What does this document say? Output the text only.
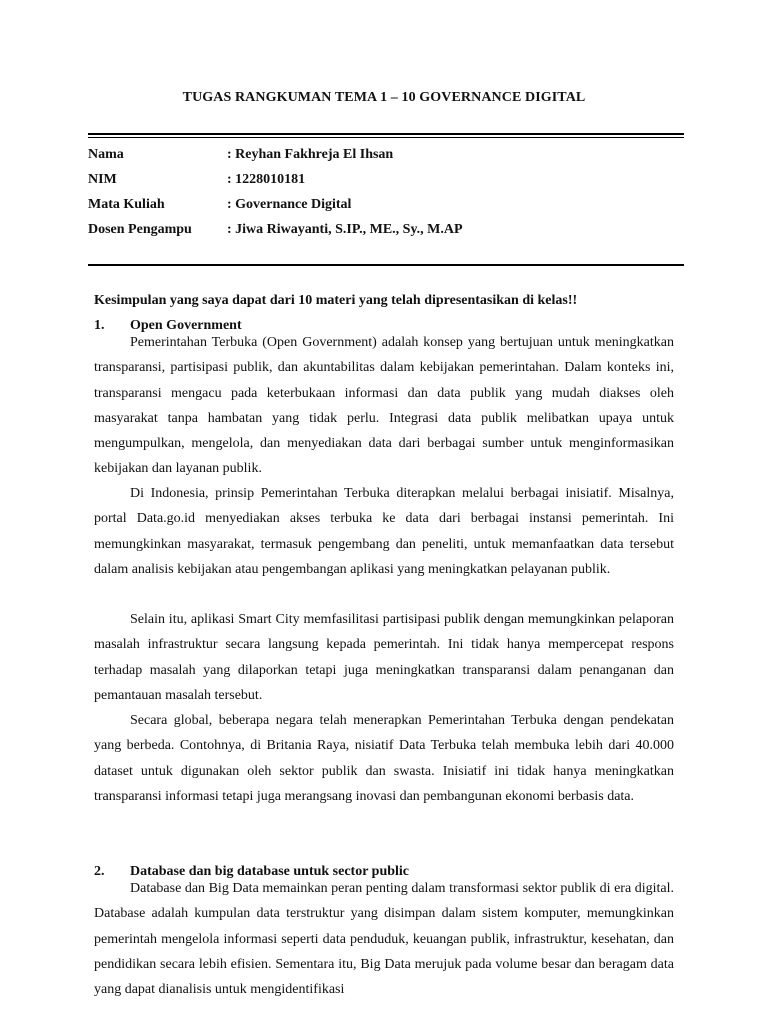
TUGAS RANGKUMAN TEMA 1 – 10 GOVERNANCE DIGITAL
Nama	: Reyhan Fakhreja El Ihsan
NIM	: 1228010181
Mata Kuliah	: Governance Digital
Dosen Pengampu	: Jiwa Riwayanti, S.IP., ME., Sy., M.AP
Kesimpulan yang saya dapat dari 10 materi yang telah dipresentasikan di kelas!!
1. Open Government

Pemerintahan Terbuka (Open Government) adalah konsep yang bertujuan untuk meningkatkan transparansi, partisipasi publik, dan akuntabilitas dalam kebijakan pemerintahan. Dalam konteks ini, transparansi mengacu pada keterbukaan informasi dan data publik yang mudah diakses oleh masyarakat tanpa hambatan yang tidak perlu. Integrasi data publik melibatkan upaya untuk mengumpulkan, mengelola, dan menyediakan data dari berbagai sumber untuk menginformasikan kebijakan dan layanan publik.

Di Indonesia, prinsip Pemerintahan Terbuka diterapkan melalui berbagai inisiatif. Misalnya, portal Data.go.id menyediakan akses terbuka ke data dari berbagai instansi pemerintah. Ini memungkinkan masyarakat, termasuk pengembang dan peneliti, untuk memanfaatkan data tersebut dalam analisis kebijakan atau pengembangan aplikasi yang meningkatkan pelayanan publik.

Selain itu, aplikasi Smart City memfasilitasi partisipasi publik dengan memungkinkan pelaporan masalah infrastruktur secara langsung kepada pemerintah. Ini tidak hanya mempercepat respons terhadap masalah yang dilaporkan tetapi juga meningkatkan transparansi dalam penanganan dan pemantauan masalah tersebut.

Secara global, beberapa negara telah menerapkan Pemerintahan Terbuka dengan pendekatan yang berbeda. Contohnya, di Britania Raya, nisiatif Data Terbuka telah membuka lebih dari 40.000 dataset untuk digunakan oleh sektor publik dan swasta. Inisiatif ini tidak hanya meningkatkan transparansi informasi tetapi juga merangsang inovasi dan pembangunan ekonomi berbasis data.

2. Database dan big database untuk sector public

Database dan Big Data memainkan peran penting dalam transformasi sektor publik di era digital. Database adalah kumpulan data terstruktur yang disimpan dalam sistem komputer, memungkinkan pemerintah mengelola informasi seperti data penduduk, keuangan publik, infrastruktur, kesehatan, dan pendidikan secara lebih efisien. Sementara itu, Big Data merujuk pada volume besar dan beragam data yang dapat dianalisis untuk mengidentifikasi
